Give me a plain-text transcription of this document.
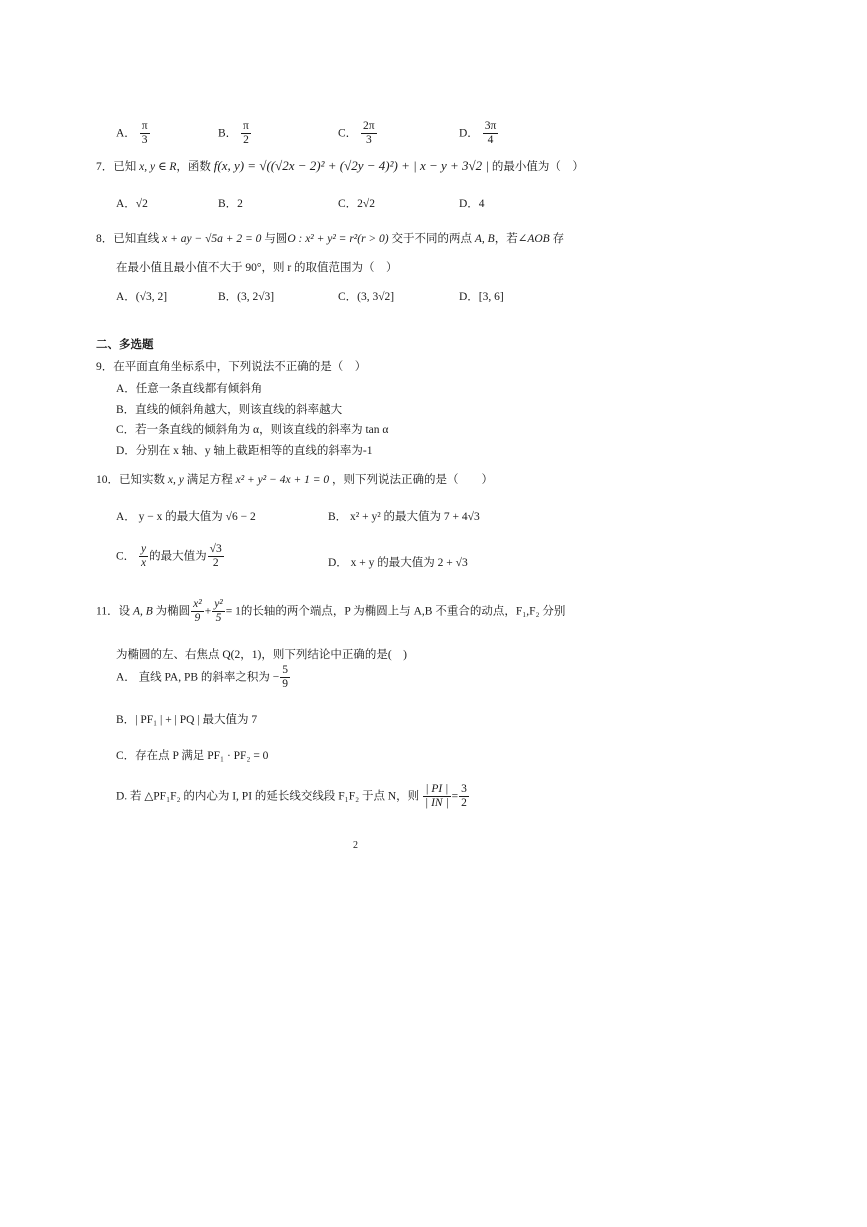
A． $\frac{\pi}{3}$	B． $\frac{\pi}{2}$	C． $\frac{2\pi}{3}$	D． $\frac{3\pi}{4}$
7．已知 x, y ∈ R，函数 f(x, y) = √((√2x − 2)² + (√2y − 4)²) + | x − y + 3√2 | 的最小值为（　）
A．√2	B．2	C．2√2	D．4
8．已知直线 x + ay − √5a + 2 = 0 与圆O : x² + y² = r²(r > 0) 交于不同的两点 A, B，若∠AOB 存
在最小值且最小值不大于 90°，则 r 的取值范围为（　）
A．(√3, 2]	B．(3, 2√3]	C．(3, 3√2]	D．[3, 6]
二、多选题
9．在平面直角坐标系中，下列说法不正确的是（　）
A．任意一条直线都有倾斜角
B．直线的倾斜角越大，则该直线的斜率越大
C．若一条直线的倾斜角为 α，则该直线的斜率为 tan α
D．分别在 x 轴、y 轴上截距相等的直线的斜率为-1
10．已知实数 x, y 满足方程 x² + y² − 4x + 1 = 0 ，则下列说法正确的是（　　）
A． y − x 的最大值为 √6 − 2	B． x² + y² 的最大值为 7 + 4√3
C． $\frac{y}{x}$ 的最大值为 $\frac{√3}{2}$	D． x + y 的最大值为 2 + √3
11．设 A, B 为椭圆 $\frac{\text{x²}}{9} + \frac{\text{y²}}{5} = 1$的长轴的两个端点，P 为椭圆上与 A,B 不重合的动点，F₁,F₂ 分别
为椭圆的左、右焦点 Q(2，1)，则下列结论中正确的是(　)
A． 直线 PA, PB 的斜率之积为 − $\frac{5}{9}$
B．| PF₁ | + | PQ | 最大值为 7
C．存在点 P 满足 PF₁ · PF₂ = 0
D. 若 △PF₁F₂ 的内心为 I, PI 的延长线交线段 F₁F₂ 于点 N，则 $\frac{| PI |}{| IN |} = \frac{3}{2}$
2
